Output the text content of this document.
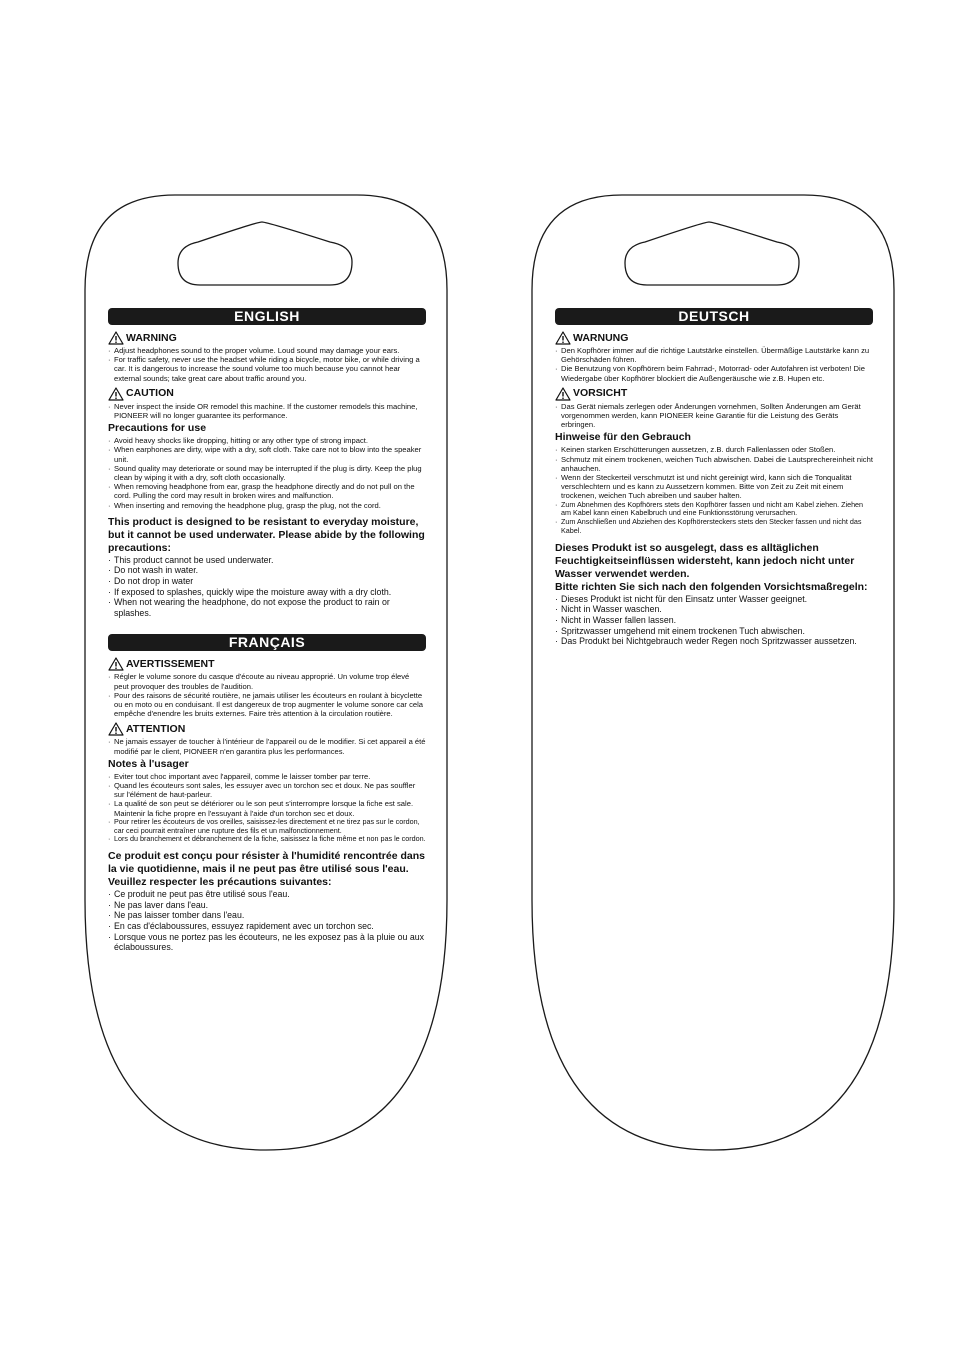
ENGLISH
WARNING
· Adjust headphones sound to the proper volume. Loud sound may damage your ears.
· For traffic safety, never use the headset while riding a bicycle, motor bike, or while driving a car. It is dangerous to increase the sound volume too much because you cannot hear external sounds; take great care about traffic around you.
CAUTION
· Never inspect the inside OR remodel this machine. If the customer remodels this machine, PIONEER will no longer guarantee its performance.
Precautions for use
· Avoid heavy shocks like dropping, hitting or any other type of strong impact.
· When earphones are dirty, wipe with a dry, soft cloth. Take care not to blow into the speaker unit.
· Sound quality may deteriorate or sound may be interrupted if the plug is dirty. Keep the plug clean by wiping it with a dry, soft cloth occasionally.
· When removing headphone from ear, grasp the headphone directly and do not pull on the cord. Pulling the cord may result in broken wires and malfunction.
· When inserting and removing the headphone plug, grasp the plug, not the cord.
This product is designed to be resistant to everyday moisture, but it cannot be used underwater. Please abide by the following precautions:
· This product cannot be used underwater.
· Do not wash in water.
· Do not drop in water
· If exposed to splashes, quickly wipe the moisture away with a dry cloth.
· When not wearing the headphone, do not expose the product to rain or splashes.
FRANÇAIS
AVERTISSEMENT
· Régler le volume sonore du casque d'écoute au niveau approprié. Un volume trop élevé peut provoquer des troubles de l'audition.
· Pour des raisons de sécurité routière, ne jamais utiliser les écouteurs en roulant à bicyclette ou en moto ou en conduisant. Il est dangereux de trop augmenter le volume sonore car cela empêche d'enendre les bruits externes. Faire très attention à la circulation routière.
ATTENTION
· Ne jamais essayer de toucher à l'intérieur de l'appareil ou de le modifier. Si cet appareil a été modifié par le client, PIONEER n'en garantira plus les performances.
Notes à l'usager
· Eviter tout choc important avec l'appareil, comme le laisser tomber par terre.
· Quand les écouteurs sont sales, les essuyer avec un torchon sec et doux. Ne pas souffler sur l'élément de haut-parleur.
· La qualité de son peut se détériorer ou le son peut s'interrompre lorsque la fiche est sale. Maintenir la fiche propre en l'essuyant à l'aide d'un torchon sec et doux.
· Pour retirer les écouteurs de vos oreilles, saisissez-les directement et ne tirez pas sur le cordon, car ceci pourrait entraîner une rupture des fils et un malfonctionnement.
· Lors du branchement et débranchement de la fiche, saisissez la fiche même et non pas le cordon.
Ce produit est conçu pour résister à l'humidité rencontrée dans la vie quotidienne, mais il ne peut pas être utilisé sous l'eau.
Veuillez respecter les précautions suivantes:
· Ce produit ne peut pas être utilisé sous l'eau.
· Ne pas laver dans l'eau.
· Ne pas laisser tomber dans l'eau.
· En cas d'éclaboussures, essuyez rapidement avec un torchon sec.
· Lorsque vous ne portez pas les écouteurs, ne les exposez pas à la pluie ou aux éclaboussures.
DEUTSCH
WARNUNG
· Den Kopfhörer immer auf die richtige Lautstärke einstellen. Übermäßige Lautstärke kann zu Gehörschäden führen.
· Die Benutzung von Kopfhörern beim Fahrrad-, Motorrad- oder Autofahren ist verboten! Die Wiedergabe über Kopfhörer blockiert die Außengeräusche wie z.B. Hupen etc.
VORSICHT
· Das Gerät niemals zerlegen oder Änderungen vornehmen, Sollten Änderungen am Gerät vorgenommen werden, kann PIONEER keine Garantie für die Leistung des Geräts erbringen.
Hinweise für den Gebrauch
· Keinen starken Erschütterungen aussetzen, z.B. durch Fallenlassen oder Stoßen.
· Schmutz mit einem trockenen, weichen Tuch abwischen. Dabei die Lautsprechereinheit nicht anhauchen.
· Wenn der Steckerteil verschmutzt ist und nicht gereinigt wird, kann sich die Tonqualität verschlechtern und es kann zu Aussetzern kommen. Bitte von Zeit zu Zeit mit einem trockenen, weichen Tuch abreiben und sauber halten.
· Zum Abnehmen des Kopfhörers stets den Kopfhörer fassen und nicht am Kabel ziehen. Ziehen am Kabel kann einen Kabelbruch und eine Funktionsstörung verursachen.
· Zum Anschließen und Abziehen des Kopfhörersteckers stets den Stecker fassen und nicht das Kabel.
Dieses Produkt ist so ausgelegt, dass es alltäglichen Feuchtigkeitseinflüssen widersteht, kann jedoch nicht unter Wasser verwendet werden.
Bitte richten Sie sich nach den folgenden Vorsichtsmaßregeln:
· Dieses Produkt ist nicht für den Einsatz unter Wasser geeignet.
· Nicht in Wasser waschen.
· Nicht in Wasser fallen lassen.
· Spritzwasser umgehend mit einem trockenen Tuch abwischen.
· Das Produkt bei Nichtgebrauch weder Regen noch Spritzwasser aussetzen.
